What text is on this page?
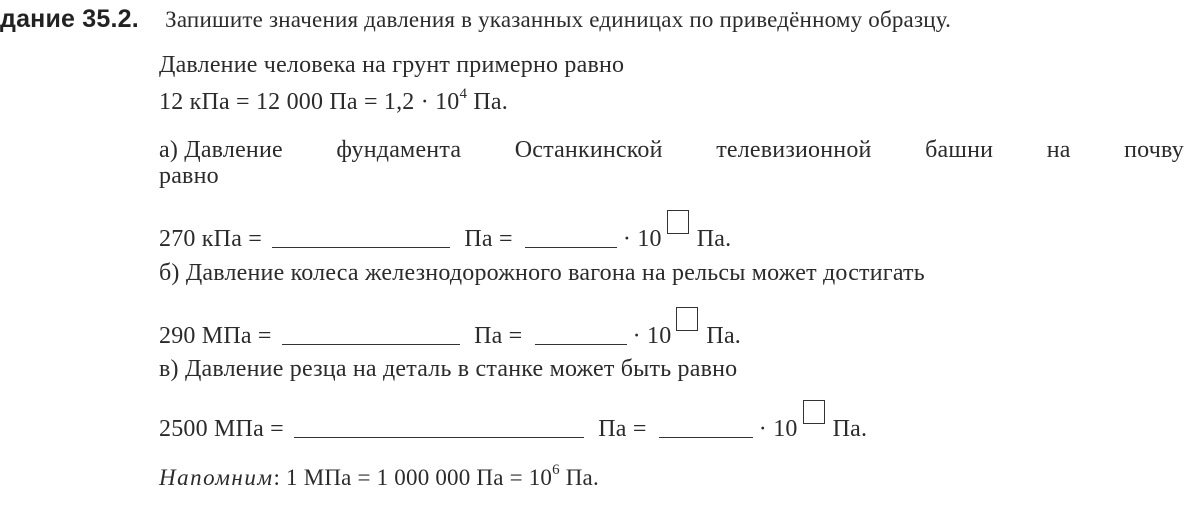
дание 35.2. Запишите значения давления в указанных единицах по приведённому образцу.
Давление человека на грунт примерно равно
12 кПа = 12 000 Па = $1,2 \cdot 10^4$ Па.
а) Давление фундамента Останкинской телевизионной башни на почву
равно
270 кПа =	Па =	· 10 Па.
б) Давление колеса железнодорожного вагона на рельсы может достигать
290 МПа =	Па =	· 10 Па.
в) Давление резца на деталь в станке может быть равно
2500 МПа =	Па =	· 10 Па.
Напомним: 1 МПа = 1 000 000 Па = $10^6$ Па.
